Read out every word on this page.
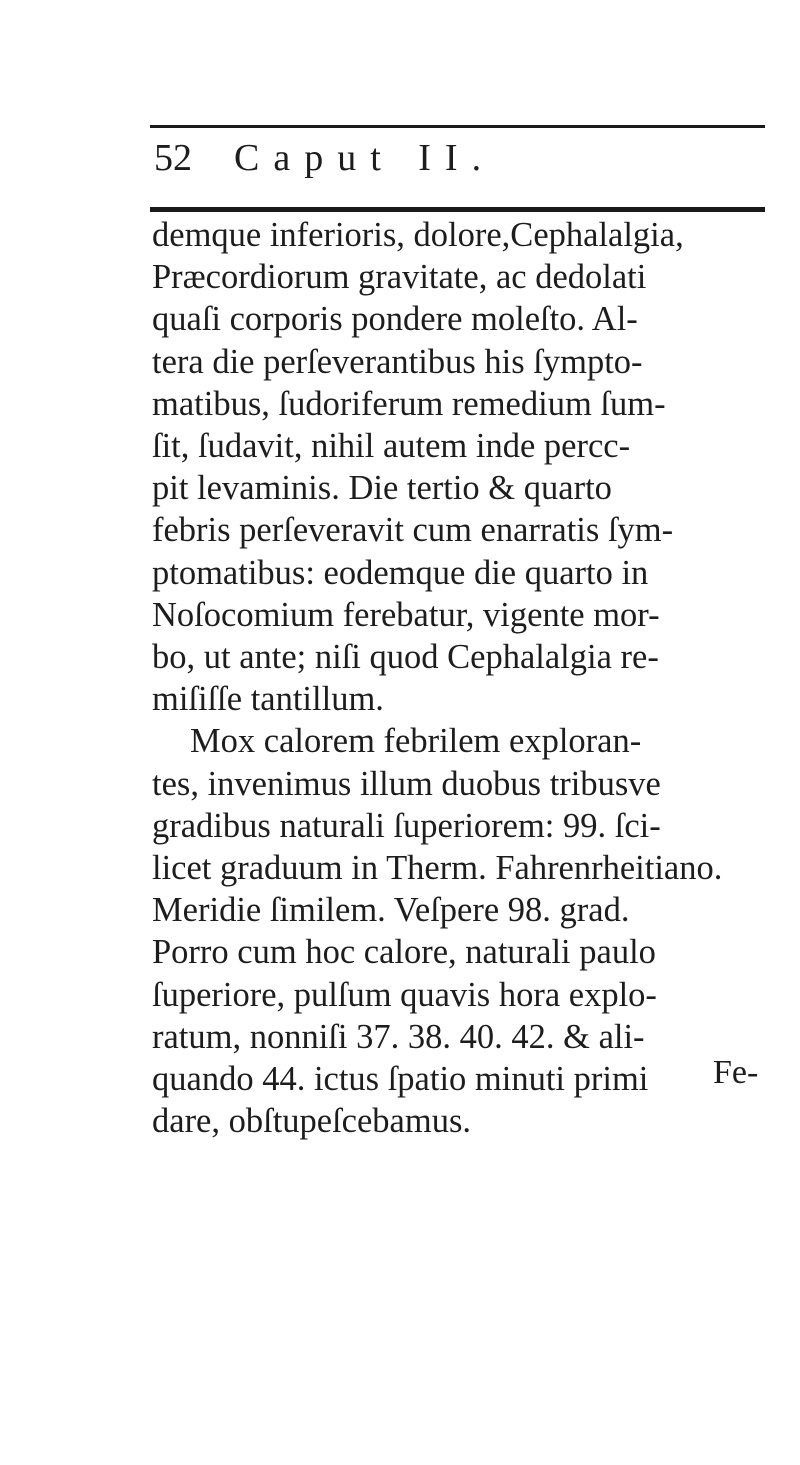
52	Caput II.
demque inferioris, dolore,Cephalalgia,
Præcordiorum gravitate, ac dedolati
quaſi corporis pondere moleſto. Al-
tera die perſeverantibus his ſympto-
matibus, ſudoriferum remedium ſum-
ſit, ſudavit, nihil autem inde percc-
pit levaminis. Die tertio & quarto
febris perſeveravit cum enarratis ſym-
ptomatibus: eodemque die quarto in
Noſocomium ferebatur, vigente mor-
bo, ut ante; niſi quod Cephalalgia re-
miſiſſe tantillum.
Mox calorem febrilem exploran-
tes, invenimus illum duobus tribusve
gradibus naturali ſuperiorem: 99. ſci-
licet graduum in Therm. Fahrenrheitiano.
Meridie ſimilem. Veſpere 98. grad.
Porro cum hoc calore, naturali paulo
ſuperiore, pulſum quavis hora explo-
ratum, nonniſi 37. 38. 40. 42. & ali-
quando 44. ictus ſpatio minuti primi
dare, obſtupeſcebamus.
Fe-
